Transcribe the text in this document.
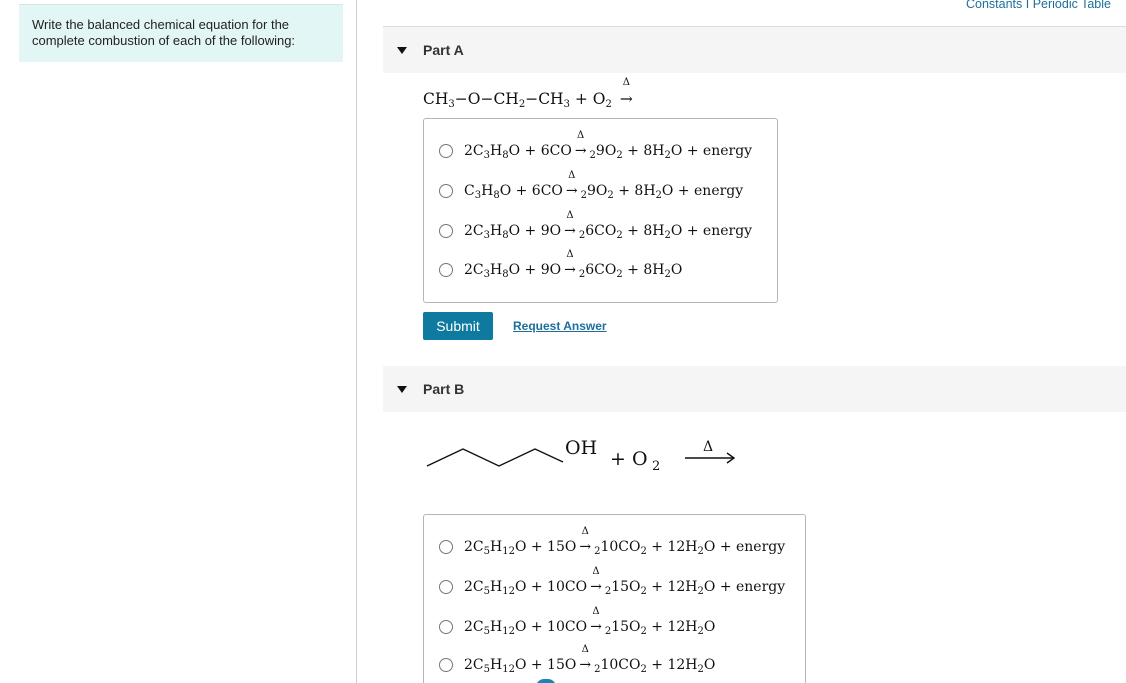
Write the balanced chemical equation for the complete combustion of each of the following:
Constants I Periodic Table
Part A
$CH_3-O-CH_2-CH_3 + O_2$
Δ
→
$2C_3H_8O + 6CO$
Δ
→ $_29O_2 + 8H_2O$ + energy
$C_3H_8O + 6CO$
Δ
→ $_29O_2 + 8H_2O$ + energy
$2C_3H_8O + 9O$
Δ
→ $_26CO_2 + 8H_2O$ + energy
$2C_3H_8O + 9O$
Δ
→ $_26CO_2 + 8H_2O$
Submit	Request Answer
Part B
OH + O 2
Δ
$2C_5H_{12}O + 15O$
Δ
→ $_210CO_2 + 12H_2O$ + energy
$2C_5H_{12}O + 10CO$
Δ
→ $_215O_2 + 12H_2O$ + energy
$2C_5H_{12}O + 10CO$
Δ
→ $_215O_2 + 12H_2O$
$2C_5H_{12}O + 15O$
Δ
→ $_210CO_2 + 12H_2O$
